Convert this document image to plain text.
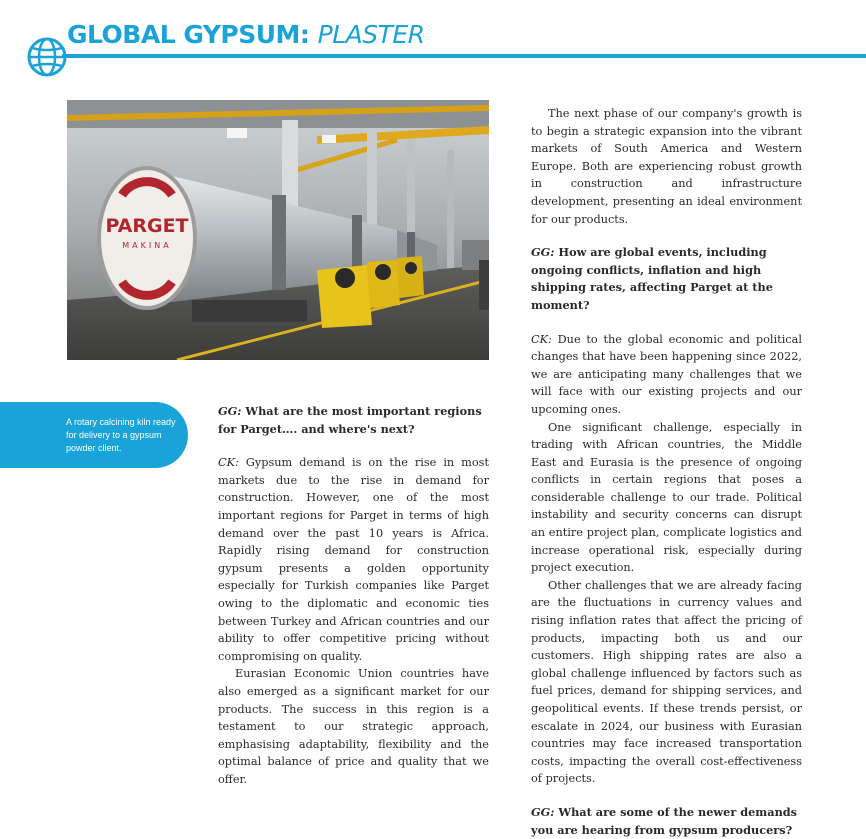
GLOBAL GYPSUM: PLASTER
PARGET
MAKINA
A rotary calcining kiln ready for delivery to a gypsum powder client.

GG: What are the most important regions for Parget…. and where's next?

CK: Gypsum demand is on the rise in most markets due to the rise in demand for construction. However, one of the most important regions for Parget in terms of high demand over the past 10 years is Africa. Rapidly rising demand for construction gypsum presents a golden opportunity especially for Turkish companies like Parget owing to the diplomatic and economic ties between Turkey and African countries and our ability to offer competitive pricing without compromising on quality.

Eurasian Economic Union countries have also emerged as a significant market for our products. The success in this region is a testament to our strategic approach, emphasising adaptability, flexibility and the optimal balance of price and quality that we offer.

The next phase of our company's growth is to begin a strategic expansion into the vibrant markets of South America and Western Europe. Both are experiencing robust growth in construction and infrastructure development, presenting an ideal environment for our products.

GG: How are global events, including ongoing conflicts, inflation and high shipping rates, affecting Parget at the moment?

CK: Due to the global economic and political changes that have been happening since 2022, we are anticipating many challenges that we will face with our existing projects and our upcoming ones.

One significant challenge, especially in trading with African countries, the Middle East and Eurasia is the presence of ongoing conflicts in certain regions that poses a considerable challenge to our trade. Political instability and security concerns can disrupt an entire project plan, complicate logistics and increase operational risk, especially during project execution.

Other challenges that we are already facing are the fluctuations in currency values and rising inflation rates that affect the pricing of products, impacting both us and our customers. High shipping rates are also a global challenge influenced by factors such as fuel prices, demand for shipping services, and geopolitical events. If these trends persist, or escalate in 2024, our business with Eurasian countries may face increased transportation costs, impacting the overall cost-effectiveness of projects.

GG: What are some of the newer demands you are hearing from gypsum producers?
